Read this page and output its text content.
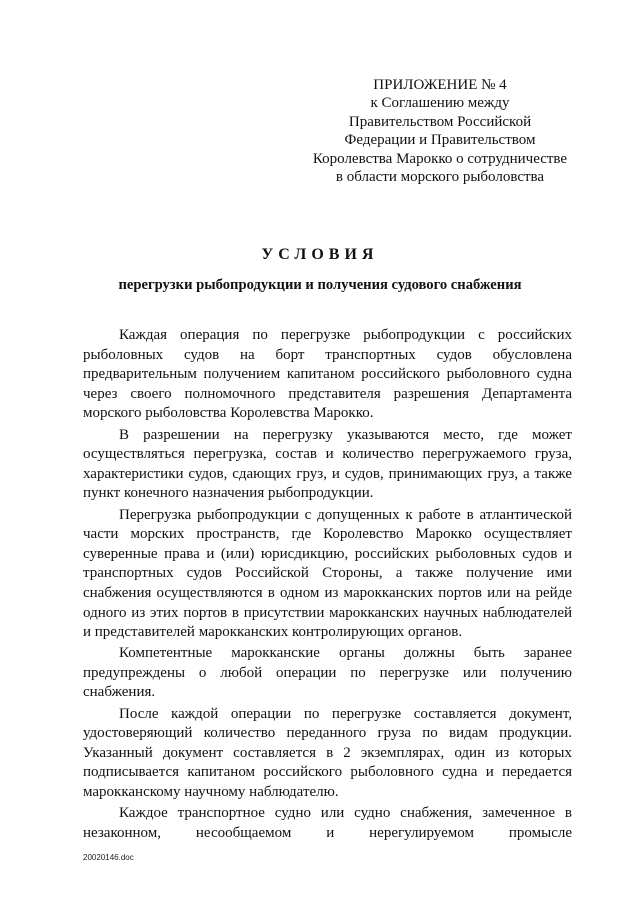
ПРИЛОЖЕНИЕ № 4
к Соглашению между
Правительством Российской
Федерации и Правительством
Королевства Марокко о сотрудничестве
в области морского рыболовства
УСЛОВИЯ
перегрузки рыбопродукции и получения судового снабжения

Каждая операция по перегрузке рыбопродукции с российских рыболовных судов на борт транспортных судов обусловлена предварительным получением капитаном российского рыболовного судна через своего полномочного представителя разрешения Департамента морского рыболовства Королевства Марокко.

В разрешении на перегрузку указываются место, где может осуществляться перегрузка, состав и количество перегружаемого груза, характеристики судов, сдающих груз, и судов, принимающих груз, а также пункт конечного назначения рыбопродукции.

Перегрузка рыбопродукции с допущенных к работе в атлантической части морских пространств, где Королевство Марокко осуществляет суверенные права и (или) юрисдикцию, российских рыболовных судов и транспортных судов Российской Стороны, а также получение ими снабжения осуществляются в одном из марокканских портов или на рейде одного из этих портов в присутствии марокканских научных наблюдателей и представителей марокканских контролирующих органов.

Компетентные марокканские органы должны быть заранее предупреждены о любой операции по перегрузке или получению снабжения.

После каждой операции по перегрузке составляется документ, удостоверяющий количество переданного груза по видам продукции. Указанный документ составляется в 2 экземплярах, один из которых подписывается капитаном российского рыболовного судна и передается марокканскому научному наблюдателю.

Каждое транспортное судно или судно снабжения, замеченное в незаконном, несообщаемом и нерегулируемом промысле

20020146.doc
